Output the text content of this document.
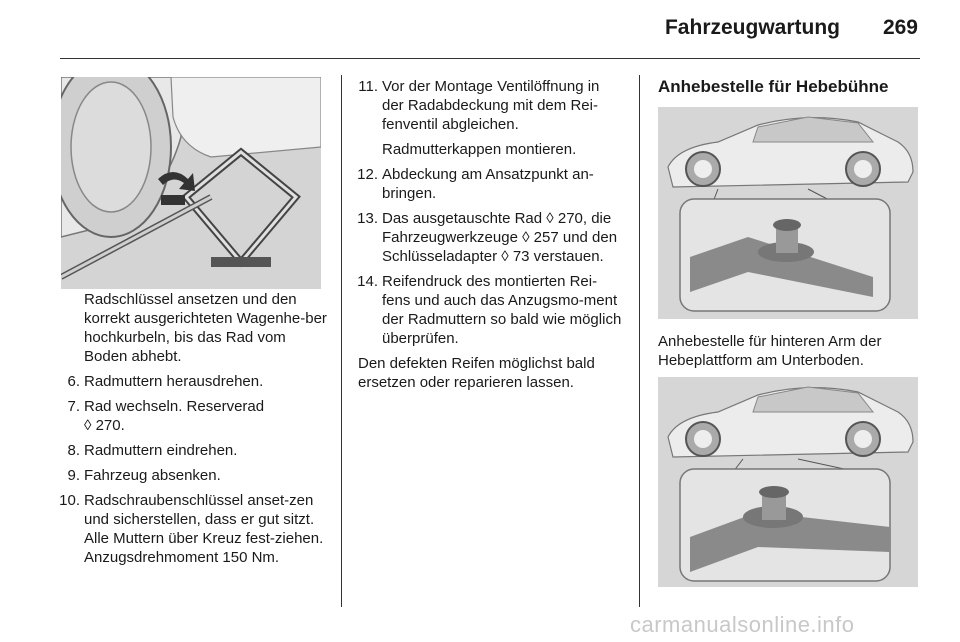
Fahrzeugwartung 269
Radschlüssel ansetzen und den korrekt ausgerichteten Wagenhe-ber hochkurbeln, bis das Rad vom Boden abhebt.
6. Radmuttern herausdrehen.
7. Rad wechseln. Reserverad
◊ 270.
8. Radmuttern eindrehen.
9. Fahrzeug absenken.
10. Radschraubenschlüssel anset-zen und sicherstellen, dass er gut sitzt. Alle Muttern über Kreuz fest-ziehen. Anzugsdrehmoment 150 Nm.
11. Vor der Montage Ventilöffnung in der Radabdeckung mit dem Rei-fenventil abgleichen.
Radmutterkappen montieren.
12. Abdeckung am Ansatzpunkt an-bringen.
13. Das ausgetauschte Rad ◊ 270, die Fahrzeugwerkzeuge ◊ 257 und den Schlüsseladapter ◊ 73 verstauen.
14. Reifendruck des montierten Rei-fens und auch das Anzugsmo-ment der Radmuttern so bald wie möglich überprüfen.
Den defekten Reifen möglichst bald ersetzen oder reparieren lassen.
Anhebestelle für Hebebühne
Anhebestelle für hinteren Arm der Hebeplattform am Unterboden.
carmanualsonline.info
